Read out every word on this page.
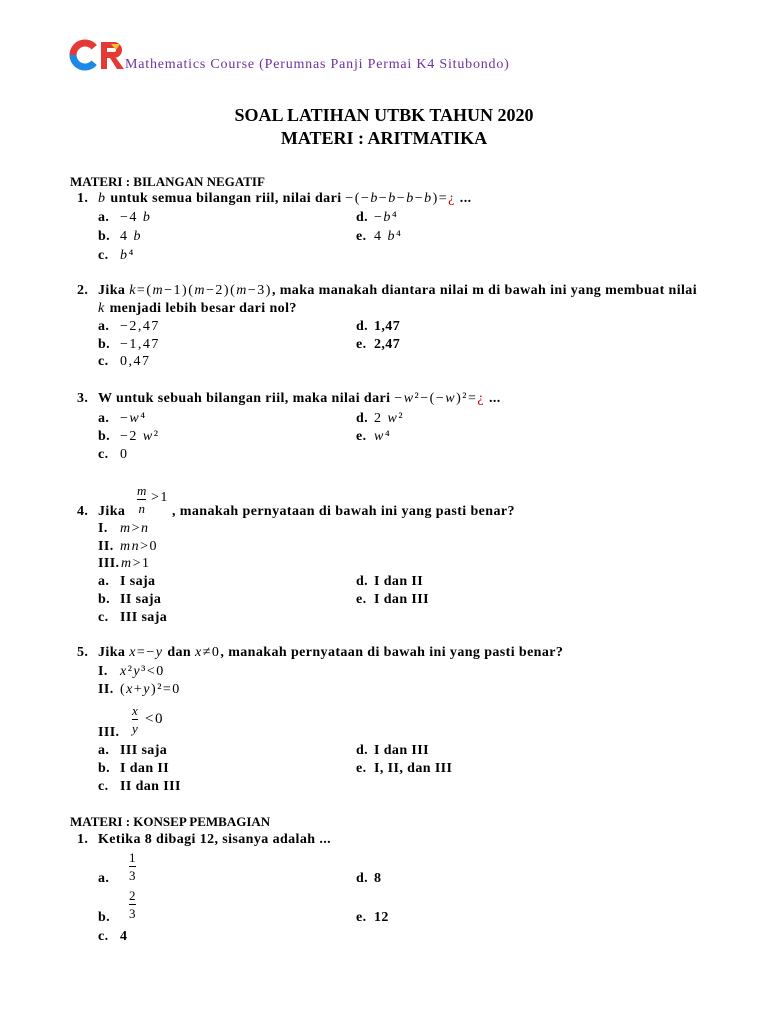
Mathematics Course (Perumnas Panji Permai K4 Situbondo)
SOAL LATIHAN UTBK TAHUN 2020
MATERI : ARITMATIKA
MATERI : BILANGAN NEGATIF
1. b untuk semua bilangan riil, nilai dari −(−b−b−b−b)=¿ ...
a. −4 b	d. −b⁴
b. 4 b	e. 4 b⁴
c. b⁴
2. Jika k=(m−1)(m−2)(m−3), maka manakah diantara nilai m di bawah ini yang membuat nilai
k menjadi lebih besar dari nol?
a. −2,47	d. 1,47
b. −1,47	e. 2,47
c. 0,47
3. W untuk sebuah bilangan riil, maka nilai dari −w²−(−w)²=¿ ...
a. −w⁴	d. 2 w²
b. −2 w²	e. w⁴
c. 0
m
n
>1
4. Jika	, manakah pernyataan di bawah ini yang pasti benar?
I. m>n
II. mn>0
III. m>1
a. I saja	d. I dan II
b. II saja	e. I dan III
c. III saja
5. Jika x=−y dan x≠0, manakah pernyataan di bawah ini yang pasti benar?
I. x²y³<0
II. (x+y)²=0
x
y
<0
III.
a. III saja	d. I dan III
b. I dan II	e. I, II, dan III
c. II dan III
MATERI : KONSEP PEMBAGIAN
1. Ketika 8 dibagi 12, sisanya adalah ...
1
3
a.	d. 8
2
3
b.	e. 12
c. 4
